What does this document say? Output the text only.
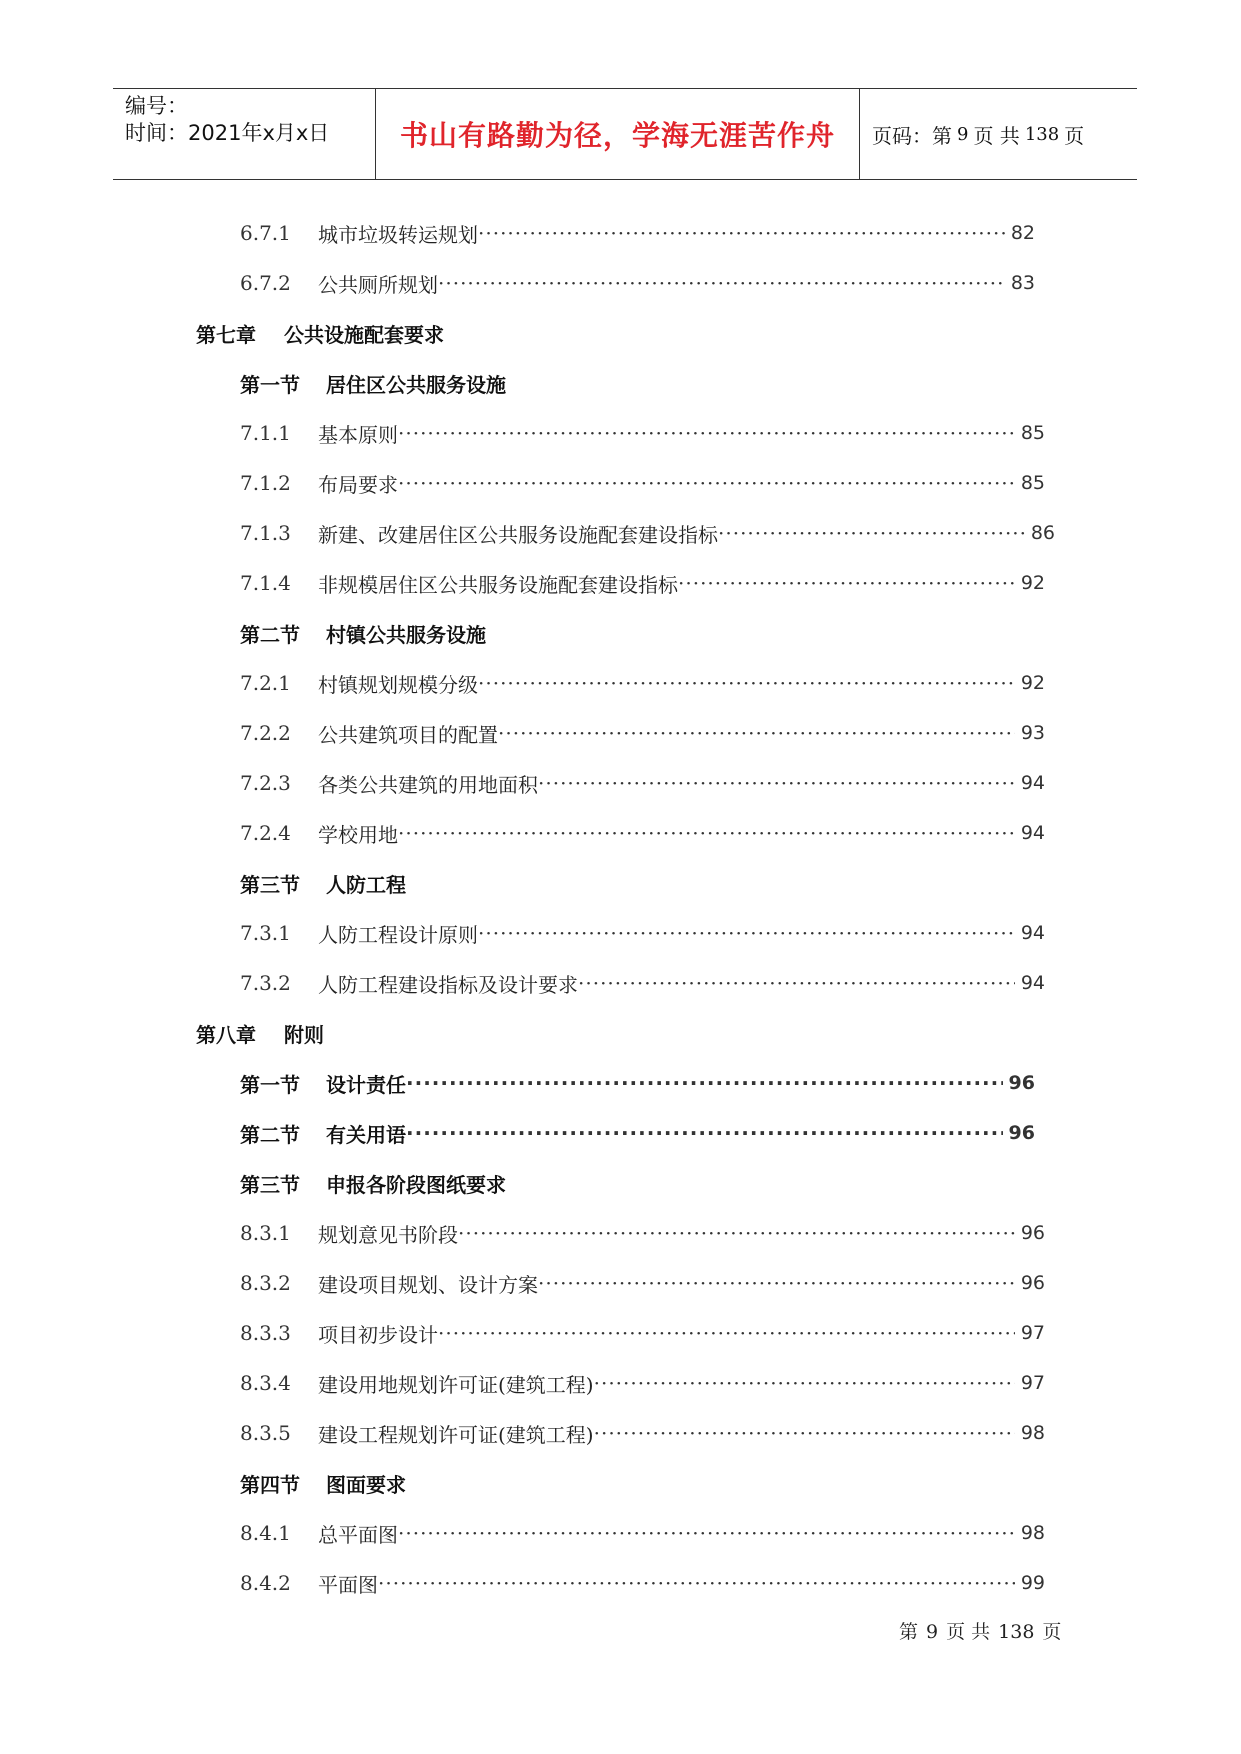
编号：
时间：2021年x月x日	书山有路勤为径，学海无涯苦作舟	页码：第 9 页 共 138 页
6.7.1	城市垃圾转运规划 ·····	82
6.7.2	公共厕所规划 ·····	83
第七章	公共设施配套要求
第一节	居住区公共服务设施
7.1.1	基本原则 ·····	85
7.1.2	布局要求 ·····	85
7.1.3	新建、改建居住区公共服务设施配套建设指标 ·····	86
7.1.4	非规模居住区公共服务设施配套建设指标 ·····	92
第二节	村镇公共服务设施
7.2.1	村镇规划规模分级 ·····	92
7.2.2	公共建筑项目的配置 ·····	93
7.2.3	各类公共建筑的用地面积 ·····	94
7.2.4	学校用地 ·····	94
第三节	人防工程
7.3.1	人防工程设计原则 ·····	94
7.3.2	人防工程建设指标及设计要求 ·····	94
第八章	附则
第一节	设计责任 ·····	96
第二节	有关用语 ·····	96
第三节	申报各阶段图纸要求
8.3.1	规划意见书阶段 ·····	96
8.3.2	建设项目规划、设计方案 ·····	96
8.3.3	项目初步设计 ·····	97
8.3.4	建设用地规划许可证(建筑工程) ·····	97
8.3.5	建设工程规划许可证(建筑工程) ·····	98
第四节	图面要求
8.4.1	总平面图 ·····	98
8.4.2	平面图 ·····	99
第 9 页 共 138 页
